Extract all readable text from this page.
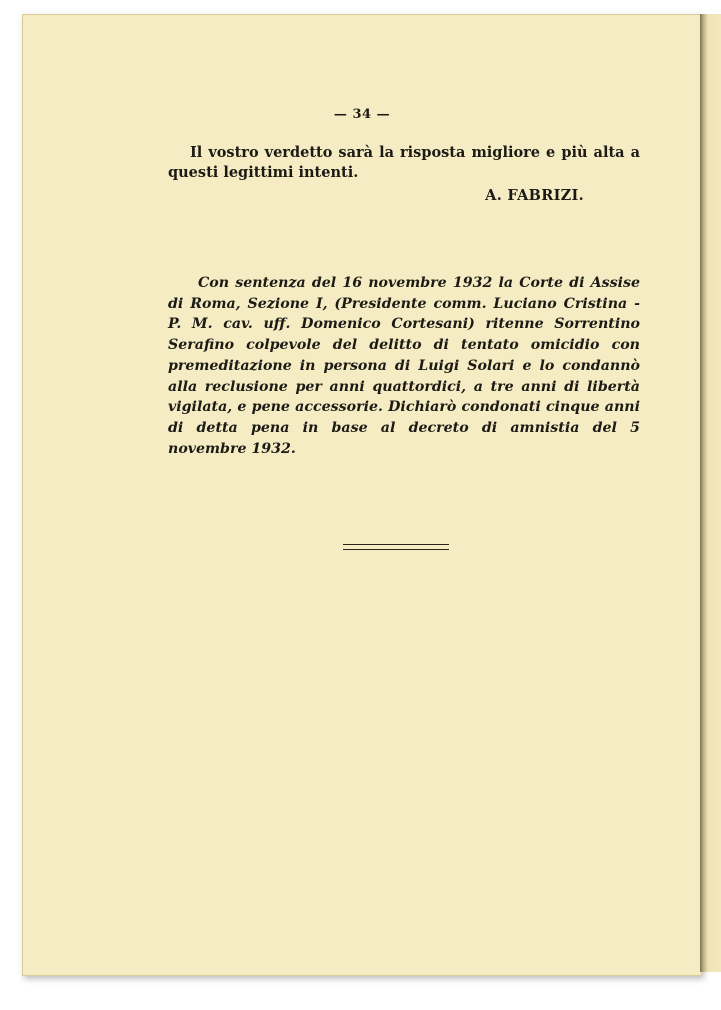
— 34 —

Il vostro verdetto sarà la risposta migliore e più alta a questi legittimi intenti.

A. FABRIZI.

Con sentenza del 16 novembre 1932 la Corte di Assise di Roma, Sezione I, (Presidente comm. Luciano Cristina - P. M. cav. uff. Domenico Cortesani) ritenne Sorrentino Serafino colpevole del delitto di tentato omicidio con premeditazione in persona di Luigi Solari e lo condannò alla reclusione per anni quattordici, a tre anni di libertà vigilata, e pene accessorie. Dichiarò condonati cinque anni di detta pena in base al decreto di amnistia del 5 novembre 1932.
